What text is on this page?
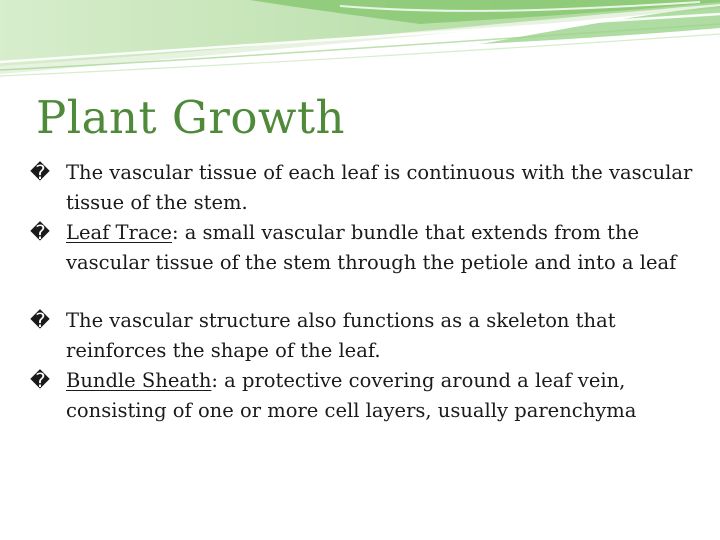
Plant Growth

� The vascular tissue of each leaf is continuous with the vascular tissue of the stem.

� Leaf Trace: a small vascular bundle that extends from the vascular tissue of the stem through the petiole and into a leaf

� The vascular structure also functions as a skeleton that reinforces the shape of the leaf.

� Bundle Sheath: a protective covering around a leaf vein, consisting of one or more cell layers, usually parenchyma
